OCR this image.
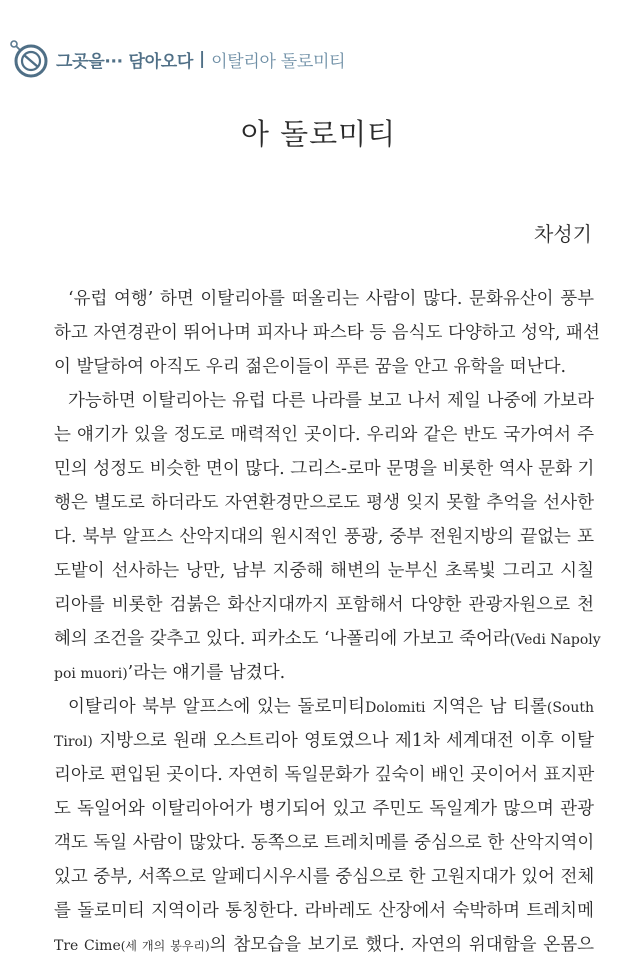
그곳을··· 담아오다 | 이탈리아 돌로미티
아 돌로미티
차성기
‘유럽 여행’ 하면 이탈리아를 떠올리는 사람이 많다. 문화유산이 풍부
하고 자연경관이 뛰어나며 피자나 파스타 등 음식도 다양하고 성악, 패션
이 발달하여 아직도 우리 젊은이들이 푸른 꿈을 안고 유학을 떠난다.
가능하면 이탈리아는 유럽 다른 나라를 보고 나서 제일 나중에 가보라
는 얘기가 있을 정도로 매력적인 곳이다. 우리와 같은 반도 국가여서 주
민의 성정도 비슷한 면이 많다. 그리스-로마 문명을 비롯한 역사 문화 기
행은 별도로 하더라도 자연환경만으로도 평생 잊지 못할 추억을 선사한
다. 북부 알프스 산악지대의 원시적인 풍광, 중부 전원지방의 끝없는 포
도밭이 선사하는 낭만, 남부 지중해 해변의 눈부신 초록빛 그리고 시칠
리아를 비롯한 검붉은 화산지대까지 포함해서 다양한 관광자원으로 천
혜의 조건을 갖추고 있다. 피카소도 ‘나폴리에 가보고 죽어라(Vedi Napoly
poi muori)’라는 얘기를 남겼다.
이탈리아 북부 알프스에 있는 돌로미티Dolomiti 지역은 남 티롤(South
Tirol) 지방으로 원래 오스트리아 영토였으나 제1차 세계대전 이후 이탈
리아로 편입된 곳이다. 자연히 독일문화가 깊숙이 배인 곳이어서 표지판
도 독일어와 이탈리아어가 병기되어 있고 주민도 독일계가 많으며 관광
객도 독일 사람이 많았다. 동쪽으로 트레치메를 중심으로 한 산악지역이
있고 중부, 서쪽으로 알페디시우시를 중심으로 한 고원지대가 있어 전체
를 돌로미티 지역이라 통칭한다. 라바레도 산장에서 숙박하며 트레치메
Tre Cime(세 개의 봉우리)의 참모습을 보기로 했다. 자연의 위대함을 온몸으
